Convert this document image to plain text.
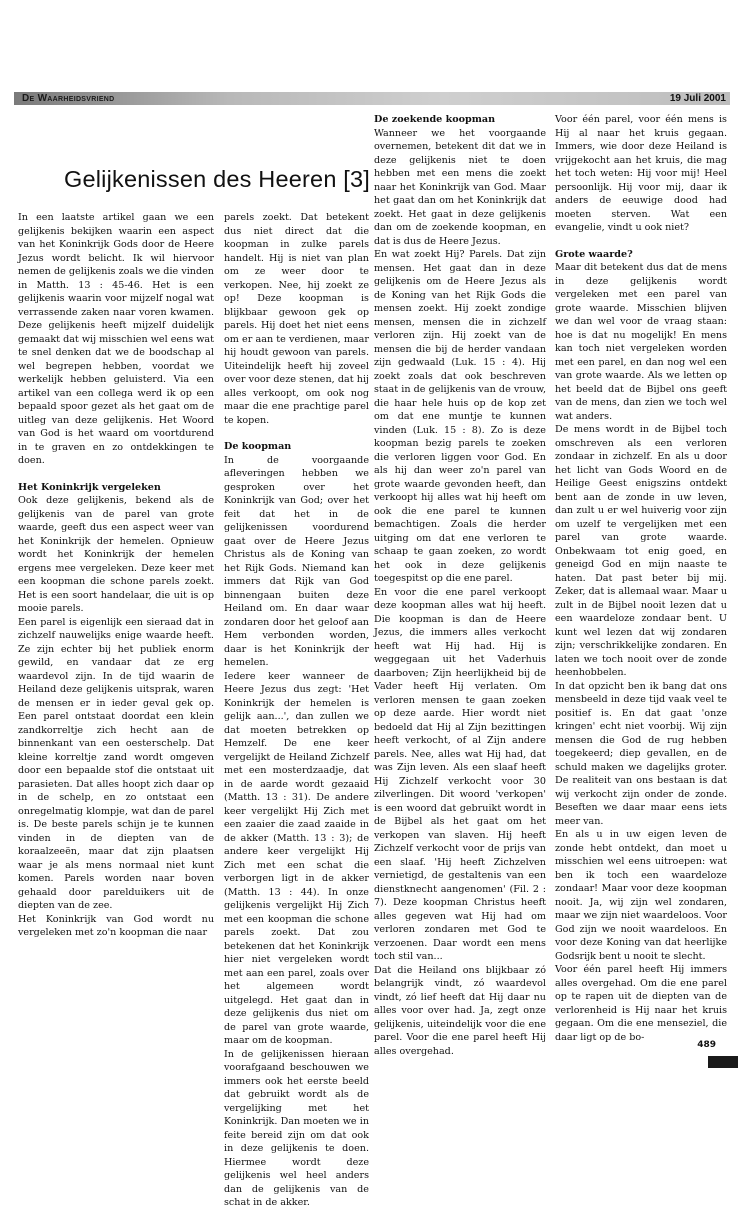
De Waarheidsvriend	19 Juli 2001
Gelijkenissen des Heeren [3]

In een laatste artikel gaan we een gelijkenis bekijken waarin een aspect van het Koninkrijk Gods door de Heere Jezus wordt belicht. Ik wil hiervoor nemen de gelijkenis zoals we die vinden in Matth. 13 : 45-46. Het is een gelijkenis waarin voor mijzelf nogal wat verrassende zaken naar voren kwamen. Deze gelijkenis heeft mijzelf duidelijk gemaakt dat wij misschien wel eens wat te snel denken dat we de boodschap al wel begrepen hebben, voordat we werkelijk hebben geluisterd. Via een artikel van een collega werd ik op een bepaald spoor gezet als het gaat om de uitleg van deze gelijkenis. Het Woord van God is het waard om voortdurend in te graven en zo ontdekkingen te doen.

Het Koninkrijk vergeleken

Ook deze gelijkenis, bekend als de gelijkenis van de parel van grote waarde, geeft dus een aspect weer van het Koninkrijk der hemelen. Opnieuw wordt het Koninkrijk der hemelen ergens mee vergeleken. Deze keer met een koopman die schone parels zoekt. Het is een soort handelaar, die uit is op mooie parels.

Een parel is eigenlijk een sieraad dat in zichzelf nauwelijks enige waarde heeft. Ze zijn echter bij het publiek enorm gewild, en vandaar dat ze erg waardevol zijn. In de tijd waarin de Heiland deze gelijkenis uitsprak, waren de mensen er in ieder geval gek op. Een parel ontstaat doordat een klein zandkorreltje zich hecht aan de binnenkant van een oesterschelp. Dat kleine korreltje zand wordt omgeven door een bepaalde stof die ontstaat uit parasieten. Dat alles hoopt zich daar op in de schelp, en zo ontstaat een onregelmatig klompje, wat dan de parel is. De beste parels schijn je te kunnen vinden in de diepten van de koraalzeeën, maar dat zijn plaatsen waar je als mens normaal niet kunt komen. Parels worden naar boven gehaald door parelduikers uit de diepten van de zee.

Het Koninkrijk van God wordt nu vergeleken met zo'n koopman die naar

parels zoekt. Dat betekent dus niet direct dat die koopman in zulke parels handelt. Hij is niet van plan om ze weer door te verkopen. Nee, hij zoekt ze op! Deze koopman is blijkbaar gewoon gek op parels. Hij doet het niet eens om er aan te verdienen, maar hij houdt gewoon van parels. Uiteindelijk heeft hij zoveel over voor deze stenen, dat hij alles verkoopt, om ook nog maar die ene prachtige parel te kopen.

De koopman

In de voorgaande afleveringen hebben we gesproken over het Koninkrijk van God; over het feit dat het in de gelijkenissen voordurend gaat over de Heere Jezus Christus als de Koning van het Rijk Gods. Niemand kan immers dat Rijk van God binnengaan buiten deze Heiland om. En daar waar zondaren door het geloof aan Hem verbonden worden, daar is het Koninkrijk der hemelen.

Iedere keer wanneer de Heere Jezus dus zegt: 'Het Koninkrijk der hemelen is gelijk aan...', dan zullen we dat moeten betrekken op Hemzelf. De ene keer vergelijkt de Heiland Zichzelf met een mosterdzaadje, dat in de aarde wordt gezaaid (Matth. 13 : 31). De andere keer vergelijkt Hij Zich met een zaaier die zaad zaaide in de akker (Matth. 13 : 3); de andere keer vergelijkt Hij Zich met een schat die verborgen ligt in de akker (Matth. 13 : 44). In onze gelijkenis vergelijkt Hij Zich met een koopman die schone parels zoekt. Dat zou betekenen dat het Koninkrijk hier niet vergeleken wordt met aan een parel, zoals over het algemeen wordt uitgelegd. Het gaat dan in deze gelijkenis dus niet om de parel van grote waarde, maar om de koopman.

In de gelijkenissen hieraan voorafgaand beschouwen we immers ook het eerste beeld dat gebruikt wordt als de vergelijking met het Koninkrijk. Dan moeten we in feite bereid zijn om dat ook in deze gelijkenis te doen. Hiermee wordt deze gelijkenis wel heel anders dan de gelijkenis van de schat in de akker.

De zoekende koopman

Wanneer we het voorgaande overnemen, betekent dit dat we in deze gelijkenis niet te doen hebben met een mens die zoekt naar het Koninkrijk van God. Maar het gaat dan om het Koninkrijk dat zoekt. Het gaat in deze gelijkenis dan om de zoekende koopman, en dat is dus de Heere Jezus.

En wat zoekt Hij? Parels. Dat zijn mensen. Het gaat dan in deze gelijkenis om de Heere Jezus als de Koning van het Rijk Gods die mensen zoekt. Hij zoekt zondige mensen, mensen die in zichzelf verloren zijn. Hij zoekt van de mensen die bij de herder vandaan zijn gedwaald (Luk. 15 : 4). Hij zoekt zoals dat ook beschreven staat in de gelijkenis van de vrouw, die haar hele huis op de kop zet om dat ene muntje te kunnen vinden (Luk. 15 : 8). Zo is deze koopman bezig parels te zoeken die verloren liggen voor God. En als hij dan weer zo'n parel van grote waarde gevonden heeft, dan verkoopt hij alles wat hij heeft om ook die ene parel te kunnen bemachtigen. Zoals die herder uitging om dat ene verloren te schaap te gaan zoeken, zo wordt het ook in deze gelijkenis toegespitst op die ene parel.

En voor die ene parel verkoopt deze koopman alles wat hij heeft. Die koopman is dan de Heere Jezus, die immers alles verkocht heeft wat Hij had. Hij is weggegaan uit het Vaderhuis daarboven; Zijn heerlijkheid bij de Vader heeft Hij verlaten. Om verloren mensen te gaan zoeken op deze aarde. Hier wordt niet bedoeld dat Hij al Zijn bezittingen heeft verkocht, of al Zijn andere parels. Nee, alles wat Hij had, dat was Zijn leven. Als een slaaf heeft Hij Zichzelf verkocht voor 30 zilverlingen. Dit woord 'verkopen' is een woord dat gebruikt wordt in de Bijbel als het gaat om het verkopen van slaven. Hij heeft Zichzelf verkocht voor de prijs van een slaaf. 'Hij heeft Zichzelven vernietigd, de gestaltenis van een dienstknecht aangenomen' (Fil. 2 : 7). Deze koopman Christus heeft alles gegeven wat Hij had om verloren zondaren met God te verzoenen. Daar wordt een mens toch stil van...

Dat die Heiland ons blijkbaar zó belangrijk vindt, zó waardevol vindt, zó lief heeft dat Hij daar nu alles voor over had. Ja, zegt onze gelijkenis, uiteindelijk voor die ene parel. Voor die ene parel heeft Hij alles overgehad.

Voor één parel, voor één mens is Hij al naar het kruis gegaan. Immers, wie door deze Heiland is vrijgekocht aan het kruis, die mag het toch weten: Hij voor mij! Heel persoonlijk. Hij voor mij, daar ik anders de eeuwige dood had moeten sterven. Wat een evangelie, vindt u ook niet?

Grote waarde?

Maar dit betekent dus dat de mens in deze gelijkenis wordt vergeleken met een parel van grote waarde. Misschien blijven we dan wel voor de vraag staan: hoe is dat nu mogelijk! En mens kan toch niet vergeleken worden met een parel, en dan nog wel een van grote waarde. Als we letten op het beeld dat de Bijbel ons geeft van de mens, dan zien we toch wel wat anders.

De mens wordt in de Bijbel toch omschreven als een verloren zondaar in zichzelf. En als u door het licht van Gods Woord en de Heilige Geest enigszins ontdekt bent aan de zonde in uw leven, dan zult u er wel huiverig voor zijn om uzelf te vergelijken met een parel van grote waarde. Onbekwaam tot enig goed, en geneigd God en mijn naaste te haten. Dat past beter bij mij. Zeker, dat is allemaal waar. Maar u zult in de Bijbel nooit lezen dat u een waardeloze zondaar bent. U kunt wel lezen dat wij zondaren zijn; verschrikkelijke zondaren. En laten we toch nooit over de zonde heenhobbelen.

In dat opzicht ben ik bang dat ons mensbeeld in deze tijd vaak veel te positief is. En dat gaat 'onze kringen' echt niet voorbij. Wij zijn mensen die God de rug hebben toegekeerd; diep gevallen, en de schuld maken we dagelijks groter. De realiteit van ons bestaan is dat wij verkocht zijn onder de zonde. Beseften we daar maar eens iets meer van.

En als u in uw eigen leven de zonde hebt ontdekt, dan moet u misschien wel eens uitroepen: wat ben ik toch een waardeloze zondaar! Maar voor deze koopman nooit. Ja, wij zijn wel zondaren, maar we zijn niet waardeloos. Voor God zijn we nooit waardeloos. En voor deze Koning van dat heerlijke Godsrijk bent u nooit te slecht.

Voor één parel heeft Hij immers alles overgehad. Om die ene parel op te rapen uit de diepten van de verlorenheid is Hij naar het kruis gegaan. Om die ene menseziel, die daar ligt op de bo-

489
